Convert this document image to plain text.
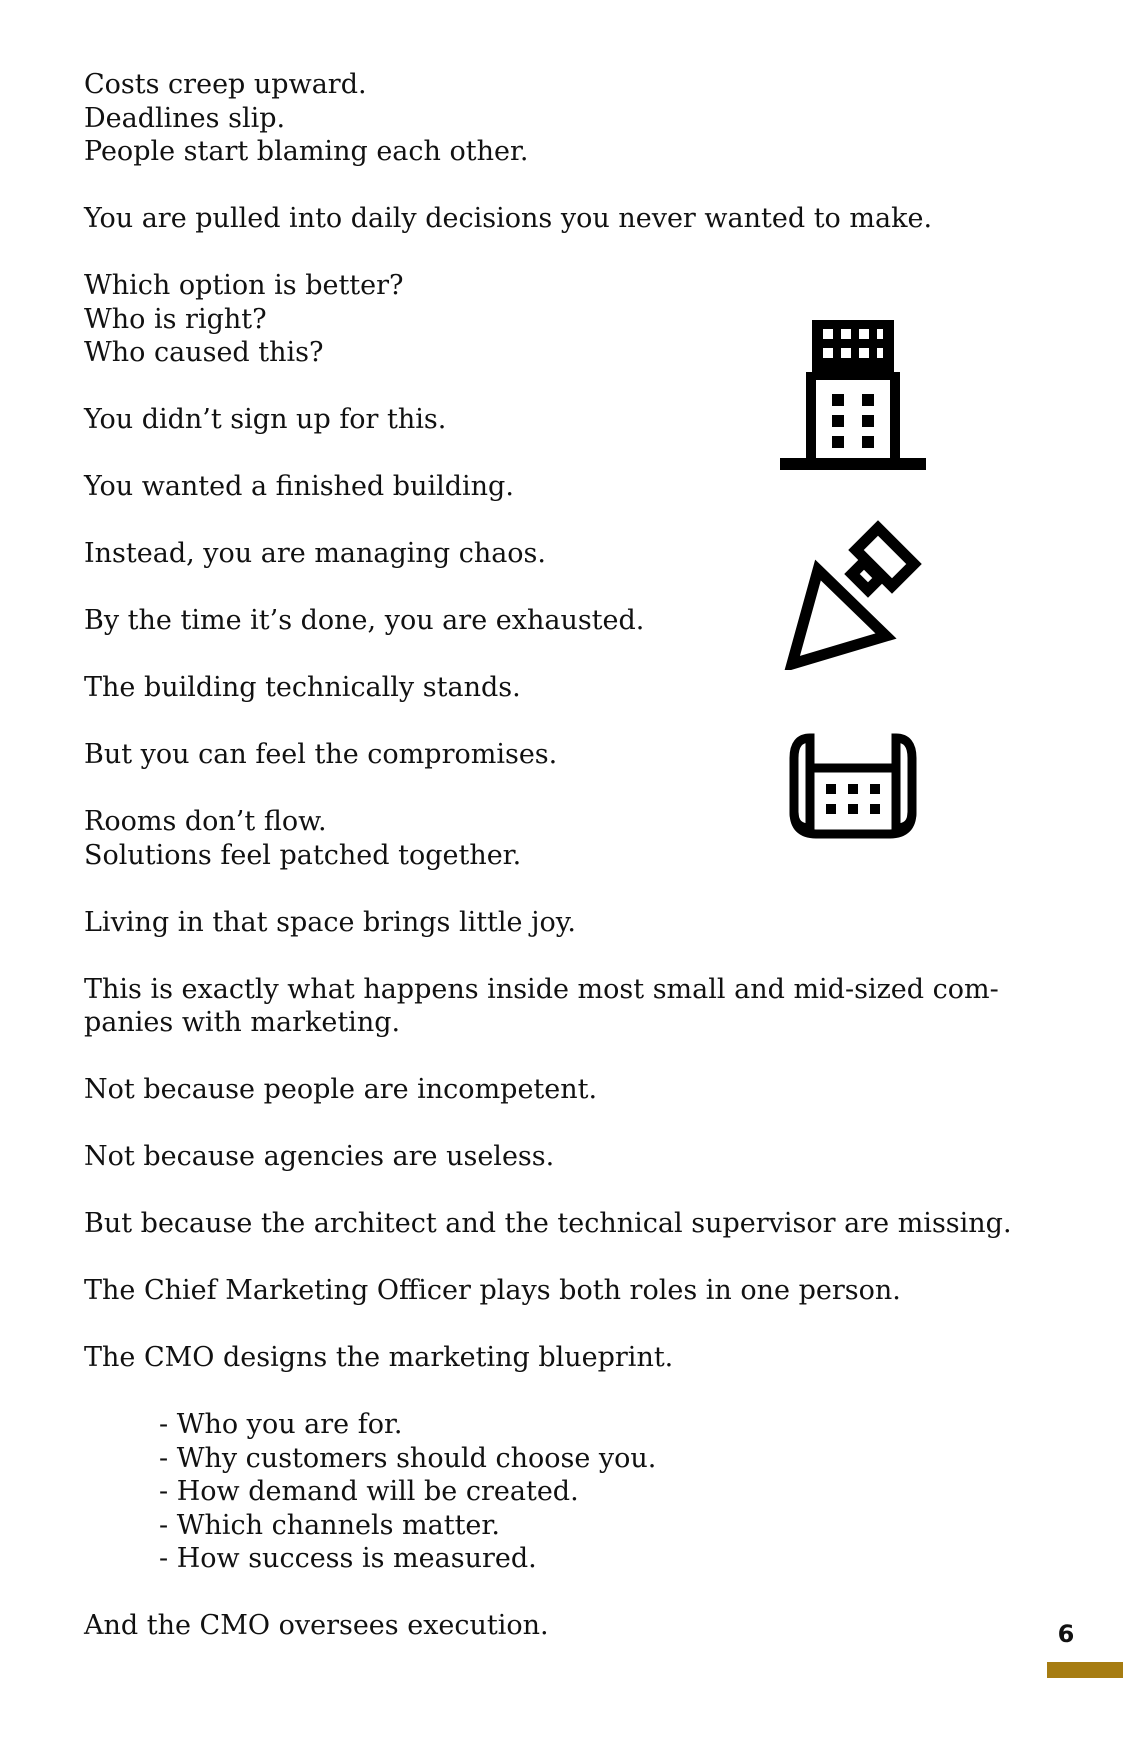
Costs creep upward.
Deadlines slip.
People start blaming each other.

You are pulled into daily decisions you never wanted to make.

Which option is better?
Who is right?
Who caused this?

You didn’t sign up for this.

You wanted a finished building.

Instead, you are managing chaos.

By the time it’s done, you are exhausted.

The building technically stands.

But you can feel the compromises.

Rooms don’t flow.
Solutions feel patched together.

Living in that space brings little joy.

This is exactly what happens inside most small and mid-sized com-
panies with marketing.

Not because people are incompetent.

Not because agencies are useless.

But because the architect and the technical supervisor are missing.

The Chief Marketing Officer plays both roles in one person.

The CMO designs the marketing blueprint.

- Who you are for.
- Why customers should choose you.
- How demand will be created.
- Which channels matter.
- How success is measured.

And the CMO oversees execution.	6
